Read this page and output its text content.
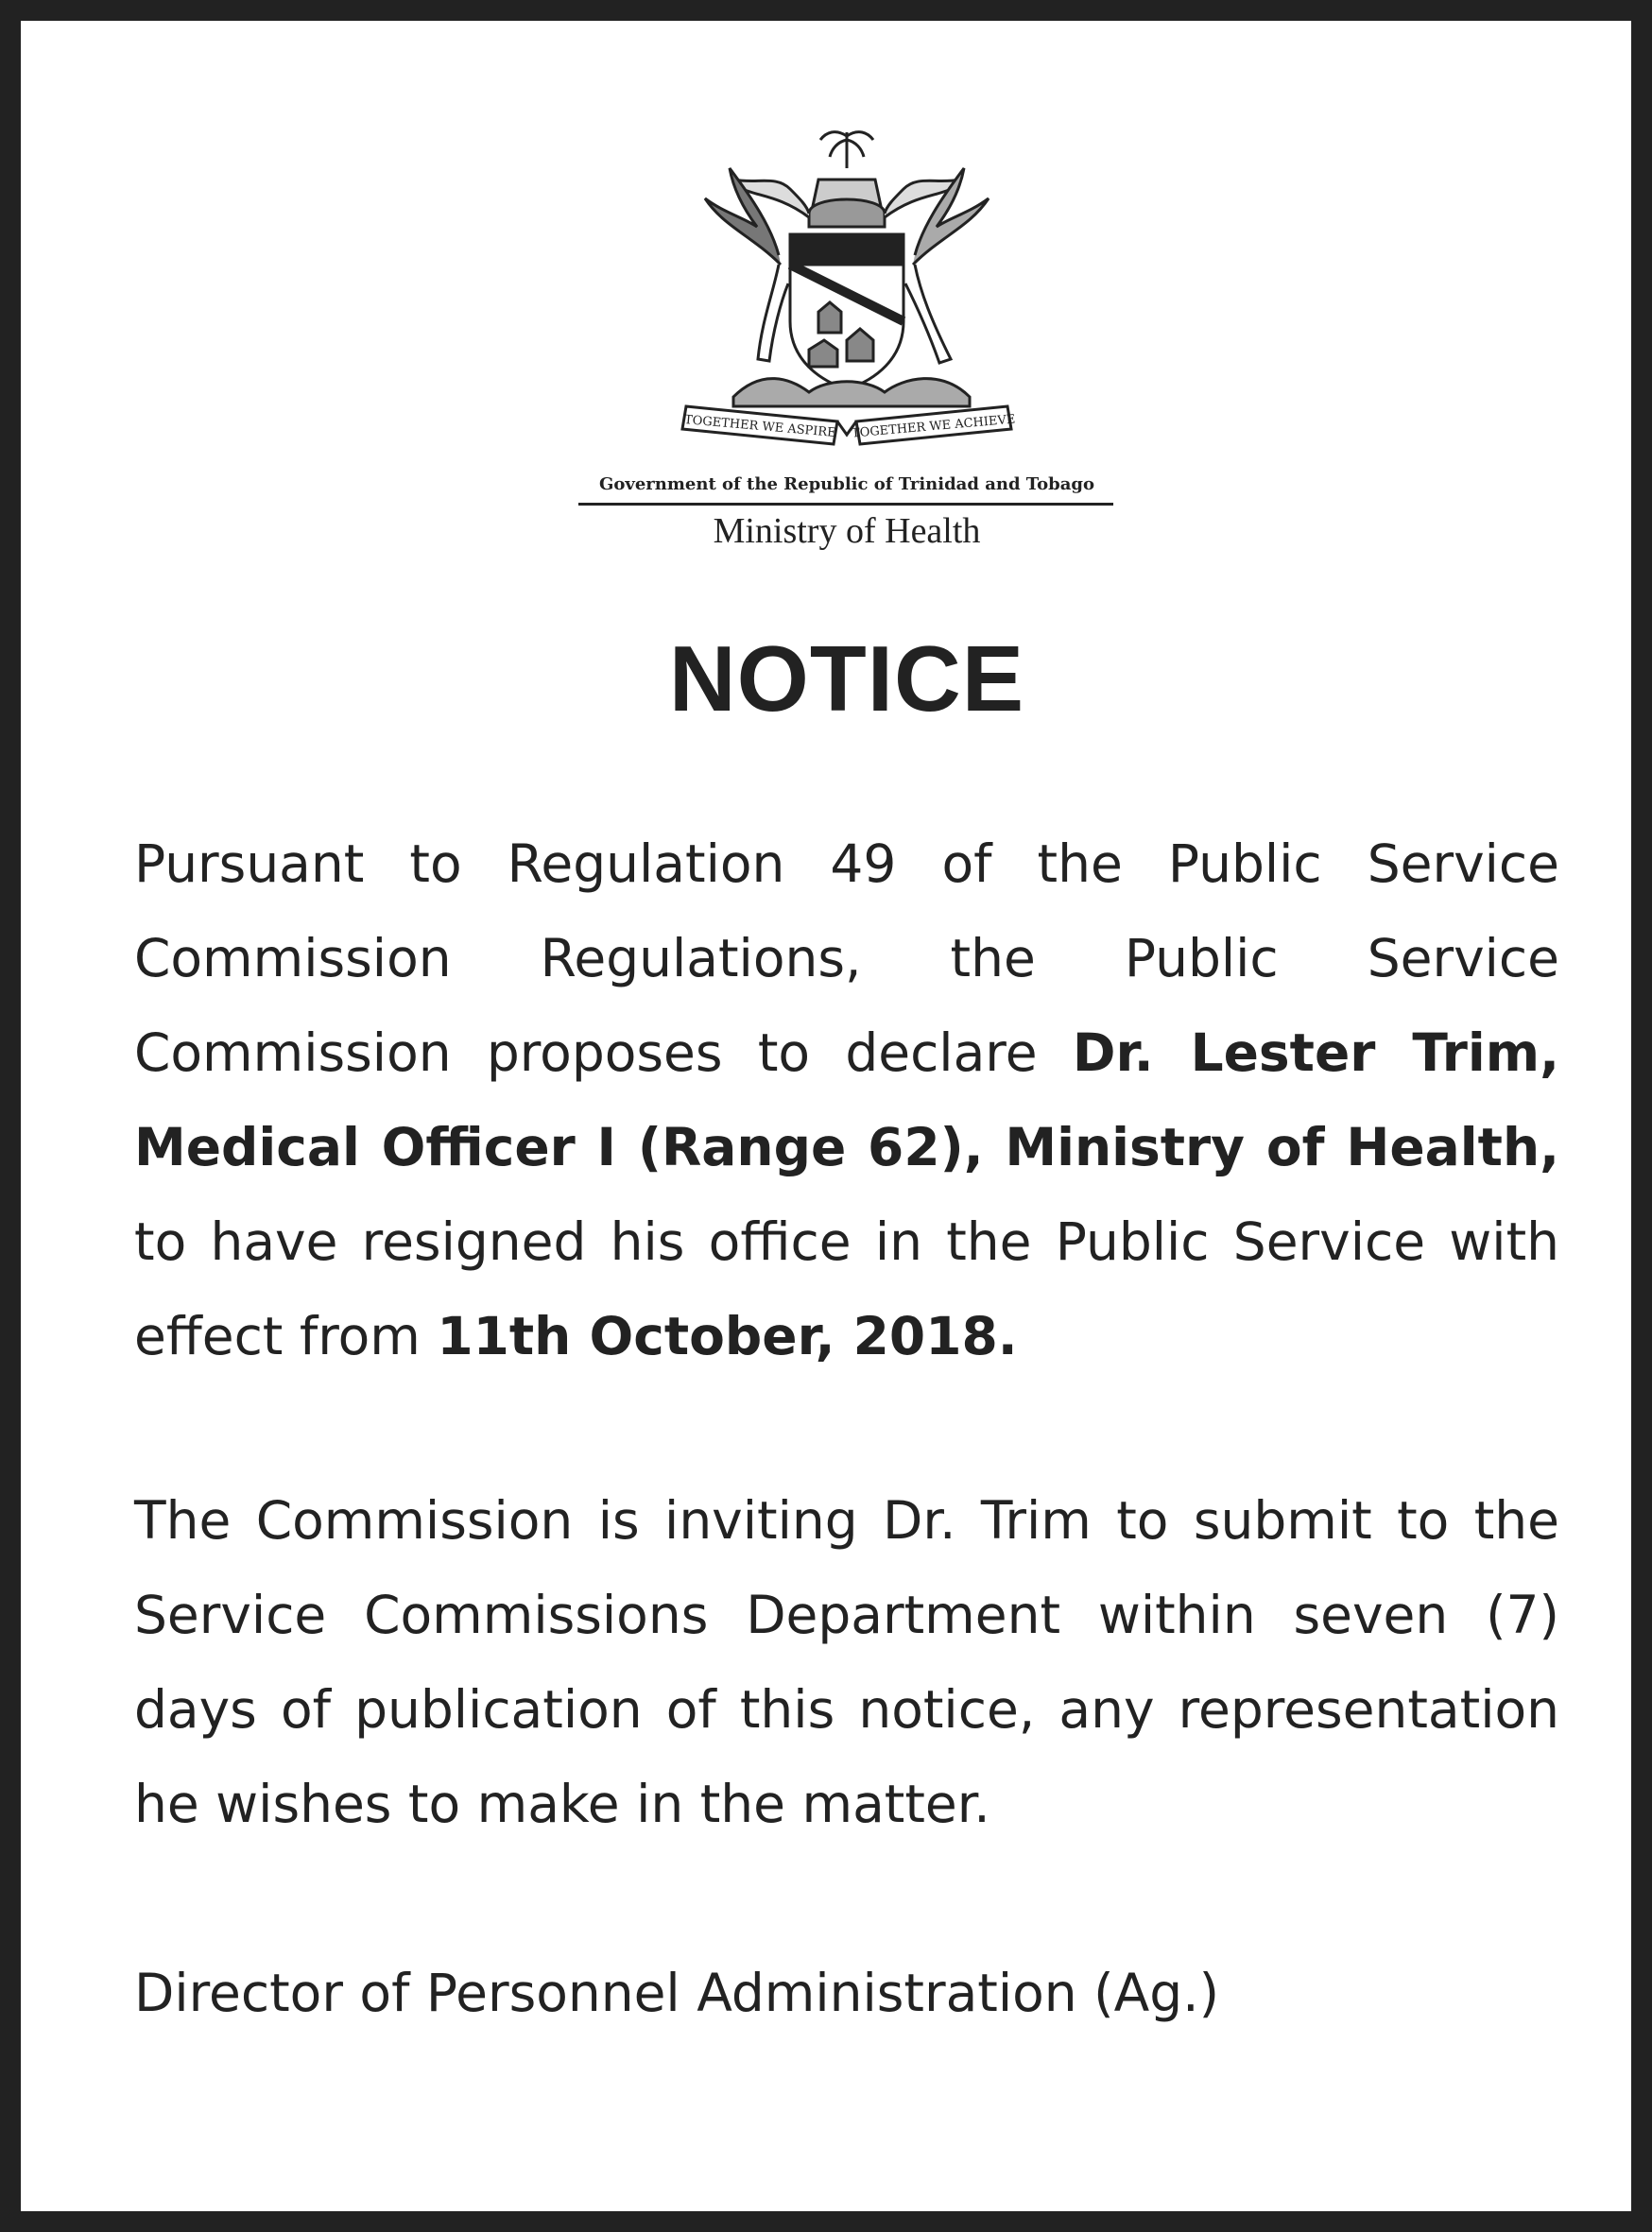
TOGETHER WE ASPIRE TOGETHER WE ACHIEVE
Government of the Republic of Trinidad and Tobago
Ministry of Health
NOTICE
Pursuant to Regulation 49 of the Public Service Commission Regulations, the Public Service Commission proposes to declare Dr. Lester Trim, Medical Officer I (Range 62), Ministry of Health, to have resigned his office in the Public Service with effect from 11th October, 2018.
The Commission is inviting Dr. Trim to submit to the Service Commissions Department within seven (7) days of publication of this notice, any representation he wishes to make in the matter.
Director of Personnel Administration (Ag.)
